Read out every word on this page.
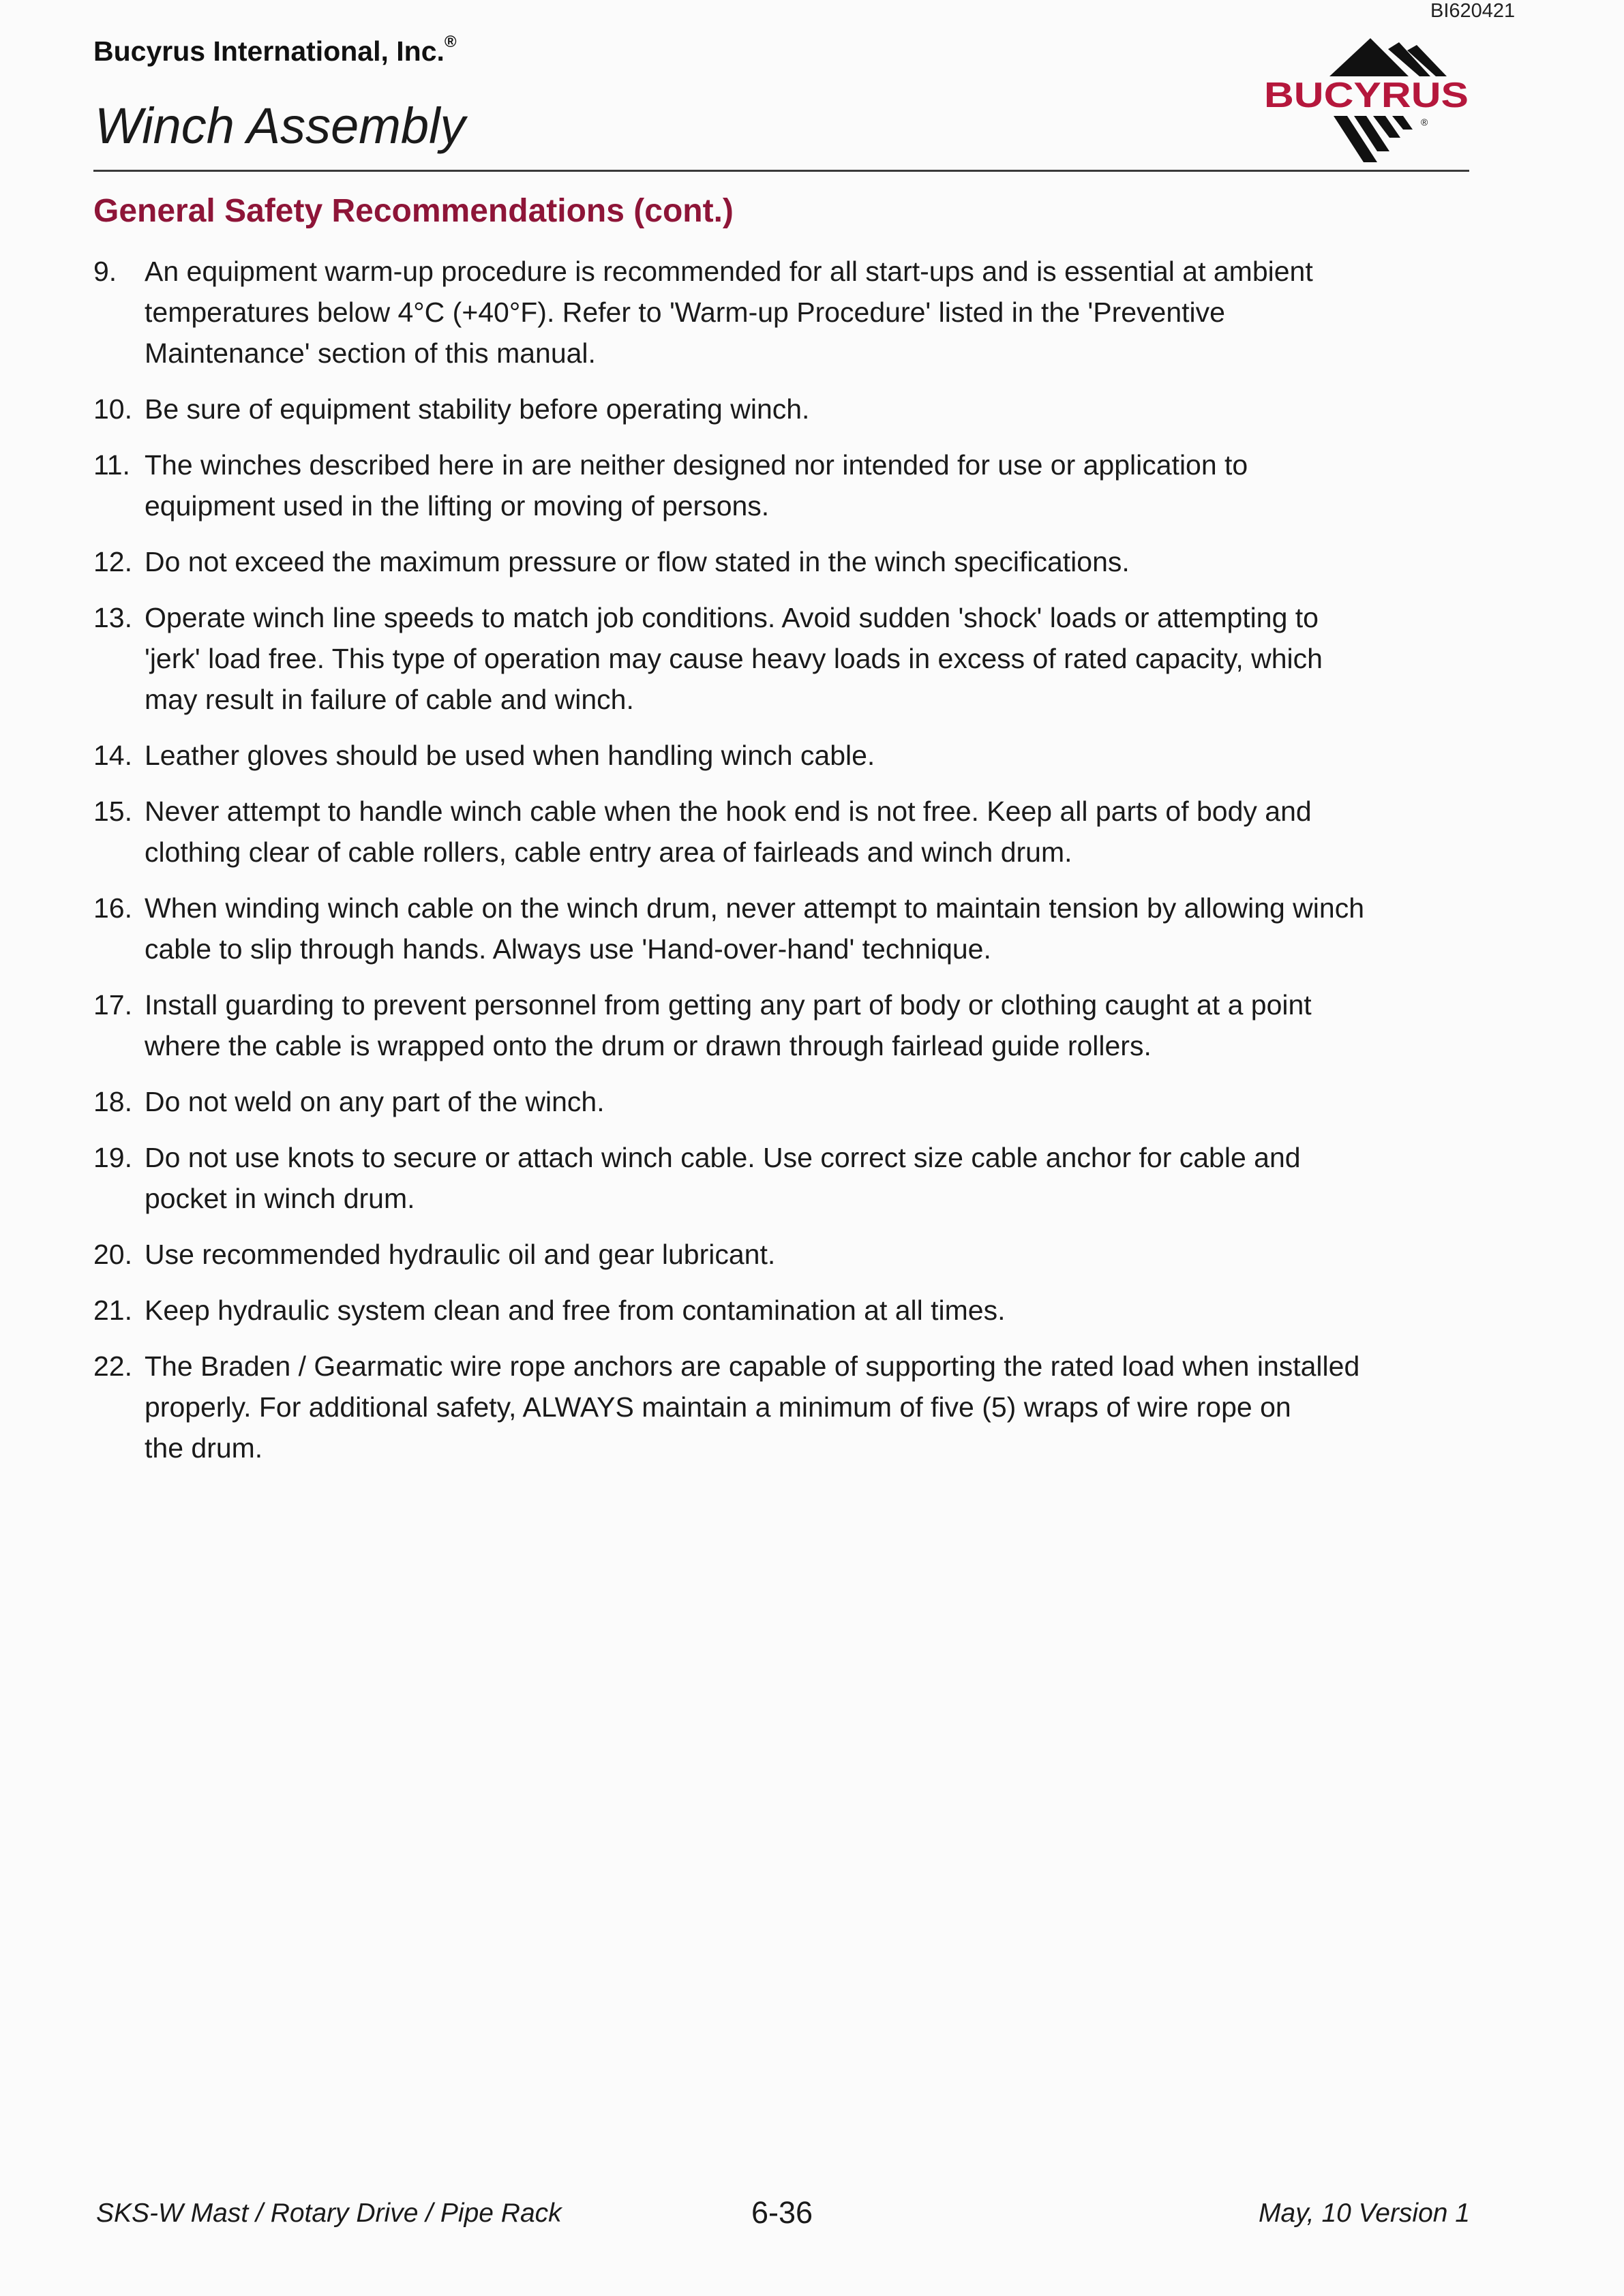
BI620421
Bucyrus International, Inc.®
Winch Assembly
BUCYRUS
®
General Safety Recommendations (cont.)
9. An equipment warm-up procedure is recommended for all start-ups and is essential at ambient
temperatures below 4°C (+40°F). Refer to 'Warm-up Procedure' listed in the 'Preventive
Maintenance' section of this manual.
10. Be sure of equipment stability before operating winch.
11. The winches described here in are neither designed nor intended for use or application to
equipment used in the lifting or moving of persons.
12. Do not exceed the maximum pressure or flow stated in the winch specifications.
13. Operate winch line speeds to match job conditions. Avoid sudden 'shock' loads or attempting to
'jerk' load free. This type of operation may cause heavy loads in excess of rated capacity, which
may result in failure of cable and winch.
14. Leather gloves should be used when handling winch cable.
15. Never attempt to handle winch cable when the hook end is not free. Keep all parts of body and
clothing clear of cable rollers, cable entry area of fairleads and winch drum.
16. When winding winch cable on the winch drum, never attempt to maintain tension by allowing winch
cable to slip through hands. Always use 'Hand-over-hand' technique.
17. Install guarding to prevent personnel from getting any part of body or clothing caught at a point
where the cable is wrapped onto the drum or drawn through fairlead guide rollers.
18. Do not weld on any part of the winch.
19. Do not use knots to secure or attach winch cable. Use correct size cable anchor for cable and
pocket in winch drum.
20. Use recommended hydraulic oil and gear lubricant.
21. Keep hydraulic system clean and free from contamination at all times.
22. The Braden / Gearmatic wire rope anchors are capable of supporting the rated load when installed
properly. For additional safety, ALWAYS maintain a minimum of five (5) wraps of wire rope on
the drum.
SKS-W Mast / Rotary Drive / Pipe Rack	6-36	May, 10 Version 1
